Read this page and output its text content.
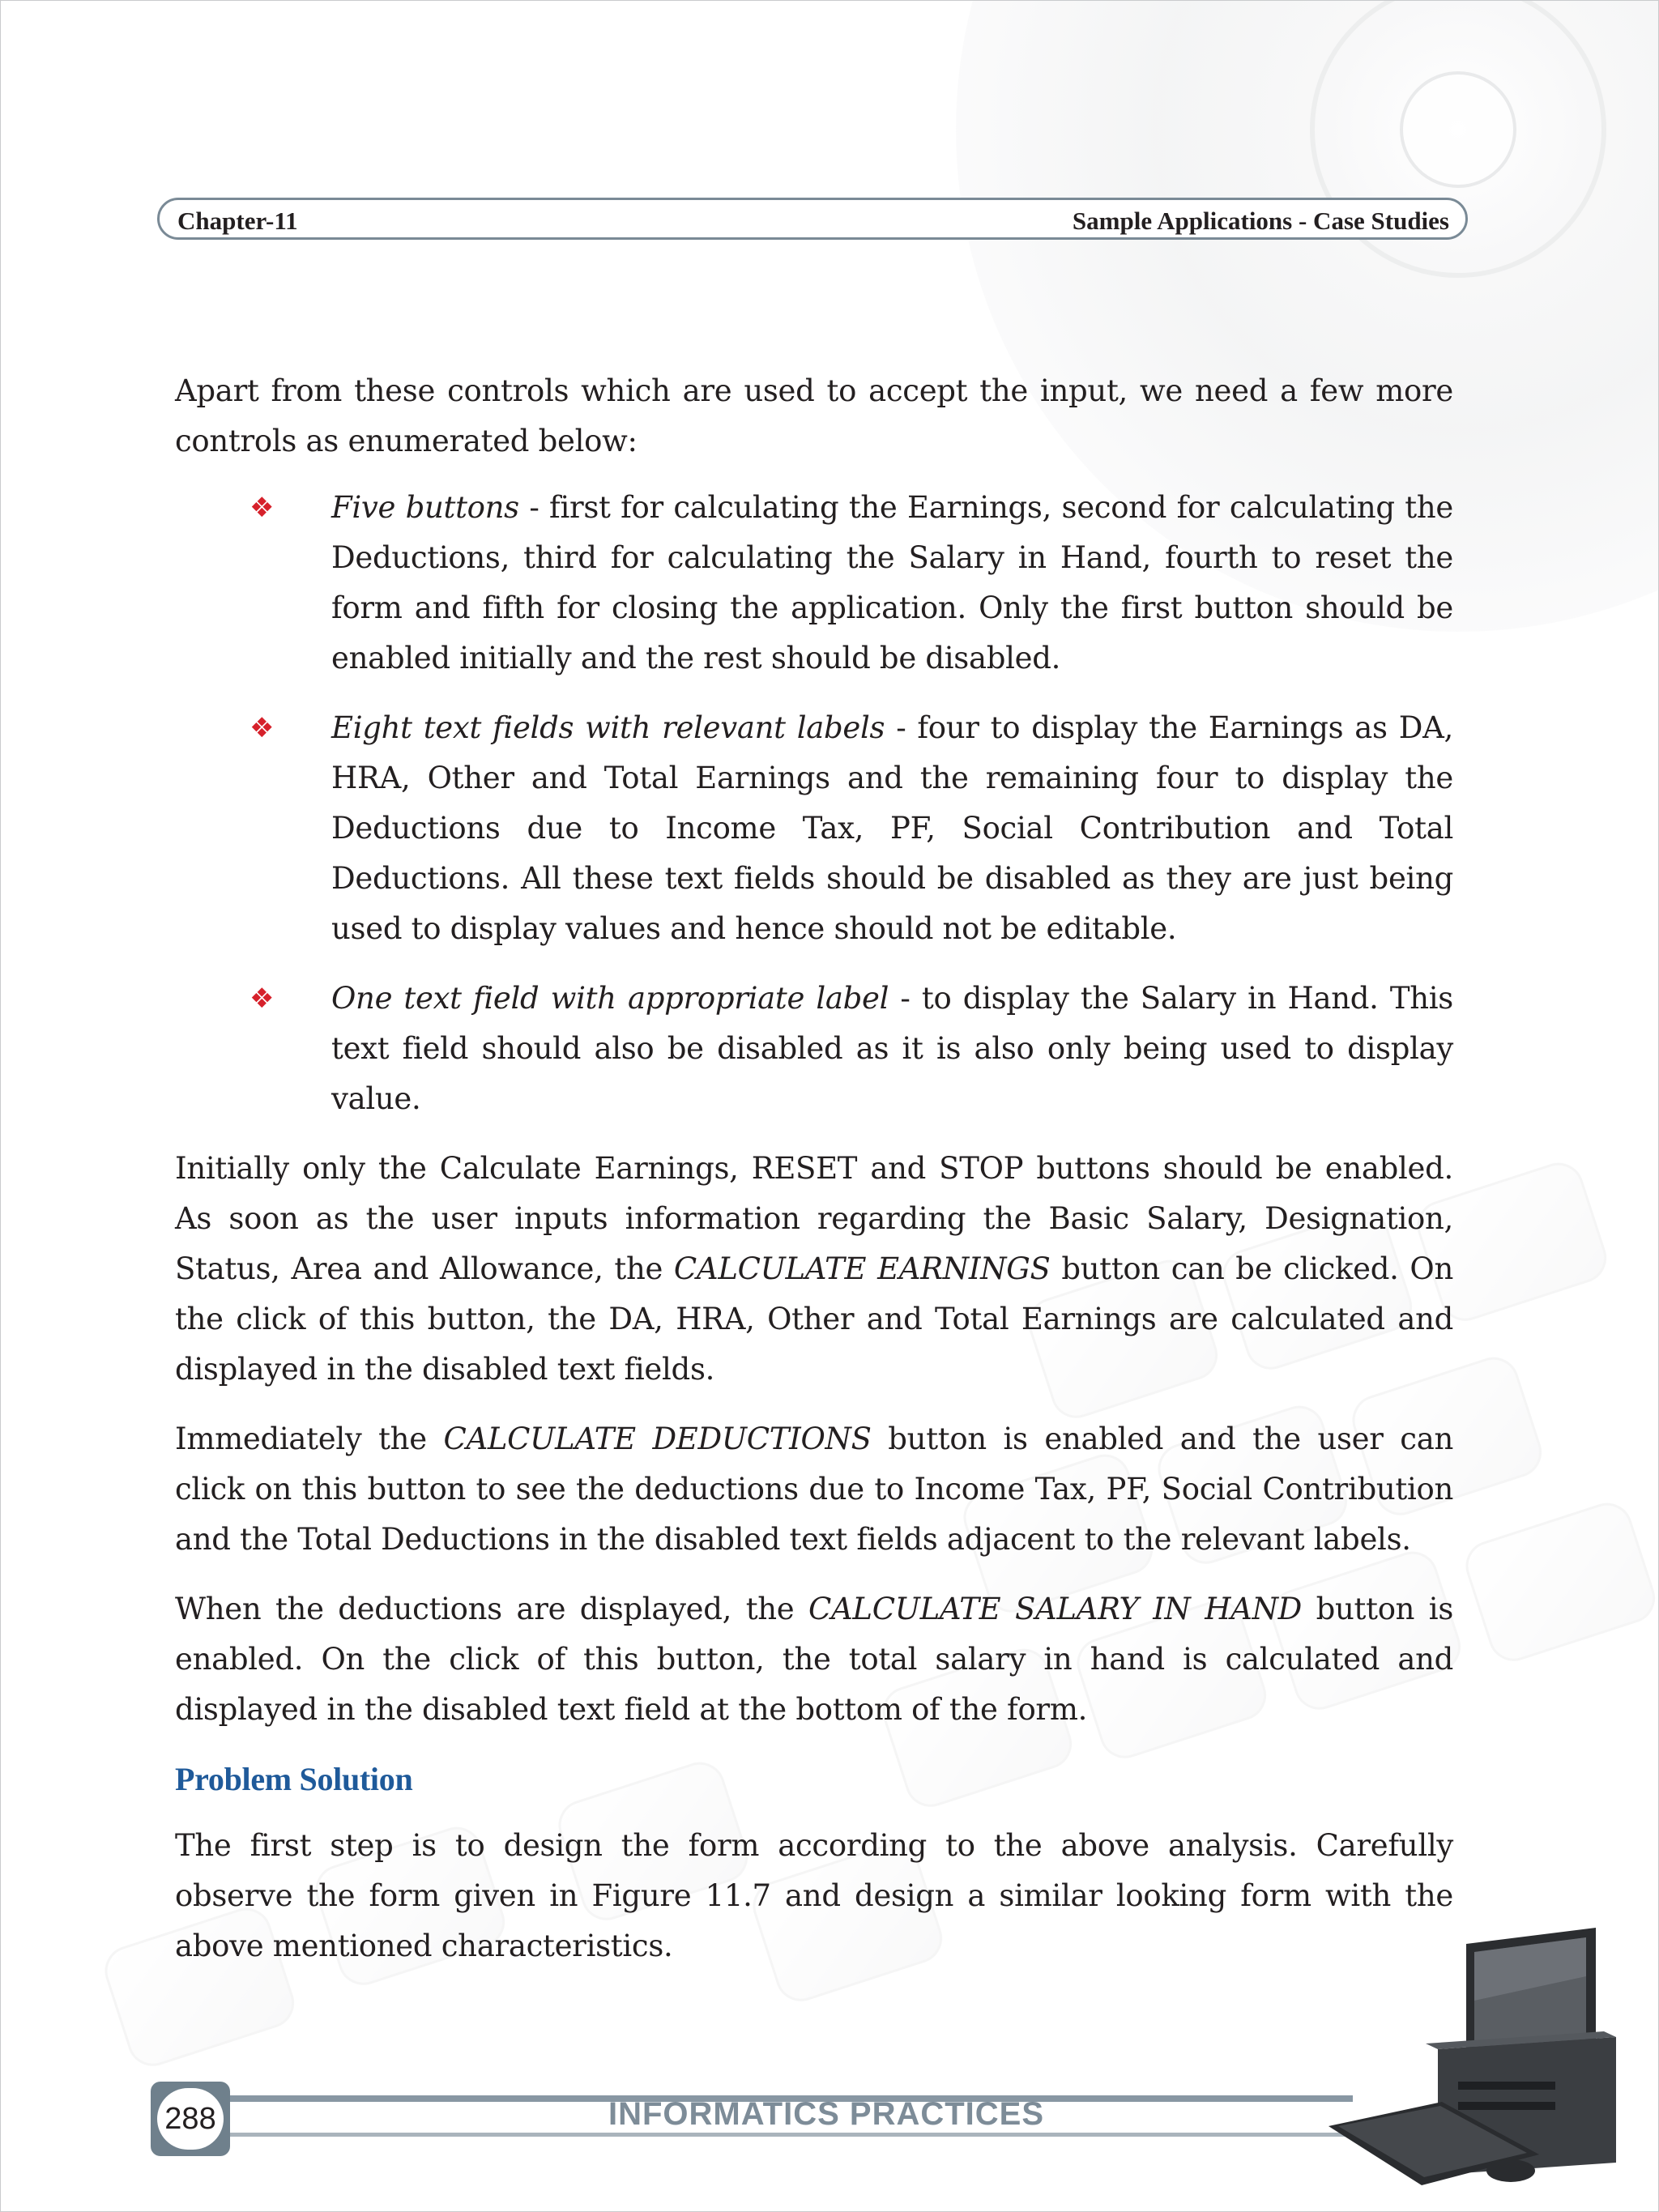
Chapter-11	Sample Applications - Case Studies

Apart from these controls which are used to accept the input, we need a few more controls as enumerated below:

❖ Five buttons - first for calculating the Earnings, second for calculating the Deductions, third for calculating the Salary in Hand, fourth to reset the form and fifth for closing the application. Only the first button should be enabled initially and the rest should be disabled.
❖ Eight text fields with relevant labels - four to display the Earnings as DA, HRA, Other and Total Earnings and the remaining four to display the Deductions due to Income Tax, PF, Social Contribution and Total Deductions. All these text fields should be disabled as they are just being used to display values and hence should not be editable.
❖ One text field with appropriate label - to display the Salary in Hand. This text field should also be disabled as it is also only being used to display value.

Initially only the Calculate Earnings, RESET and STOP buttons should be enabled. As soon as the user inputs information regarding the Basic Salary, Designation, Status, Area and Allowance, the CALCULATE EARNINGS button can be clicked. On the click of this button, the DA, HRA, Other and Total Earnings are calculated and displayed in the disabled text fields.

Immediately the CALCULATE DEDUCTIONS button is enabled and the user can click on this button to see the deductions due to Income Tax, PF, Social Contribution and the Total Deductions in the disabled text fields adjacent to the relevant labels.

When the deductions are displayed, the CALCULATE SALARY IN HAND button is enabled. On the click of this button, the total salary in hand is calculated and displayed in the disabled text field at the bottom of the form.

Problem Solution

The first step is to design the form according to the above analysis. Carefully observe the form given in Figure 11.7 and design a similar looking form with the above mentioned characteristics.

288	INFORMATICS PRACTICES
